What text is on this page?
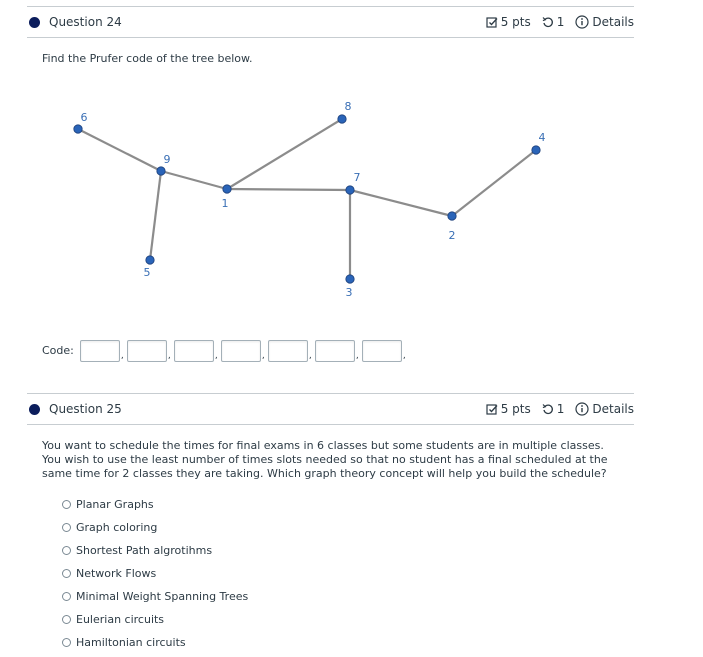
Question 24	5 pts 1 Details
Find the Prufer code of the tree below.
6
9
5
1
8
7
3
2
4
Code:	,	,	,	,	,	,	,
Question 25	5 pts 1 Details
You want to schedule the times for final exams in 6 classes but some students are in multiple classes. You wish to use the least number of times slots needed so that no student has a final scheduled at the same time for 2 classes they are taking. Which graph theory concept will help you build the schedule?
Planar Graphs
Graph coloring
Shortest Path algrotihms
Network Flows
Minimal Weight Spanning Trees
Eulerian circuits
Hamiltonian circuits
